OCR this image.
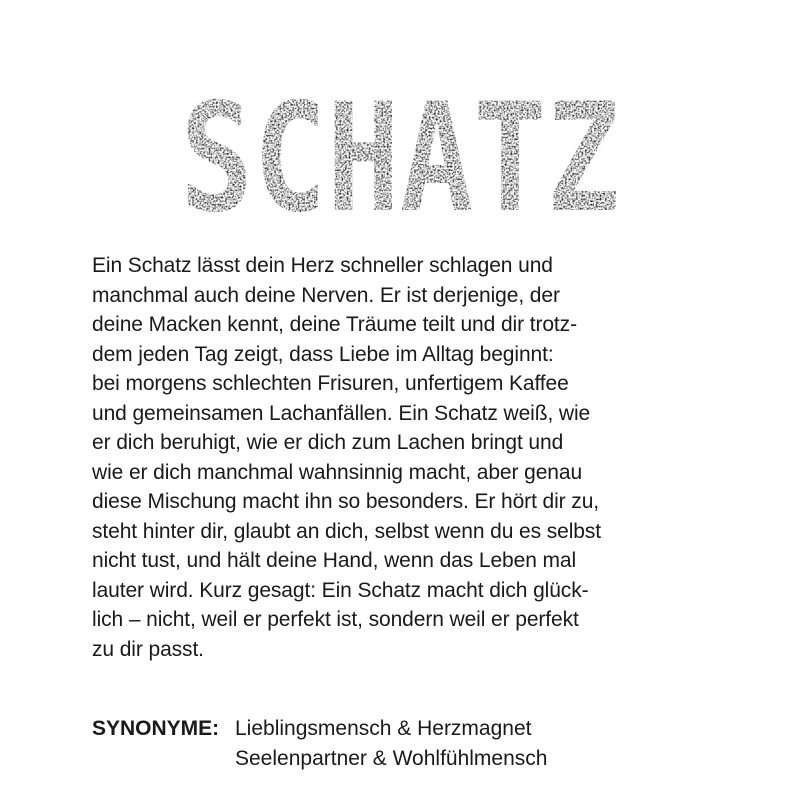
SCHATZ
Ein Schatz lässt dein Herz schneller schlagen und
manchmal auch deine Nerven. Er ist derjenige, der
deine Macken kennt, deine Träume teilt und dir trotz-
dem jeden Tag zeigt, dass Liebe im Alltag beginnt:
bei morgens schlechten Frisuren, unfertigem Kaffee
und gemeinsamen Lachanfällen. Ein Schatz weiß, wie
er dich beruhigt, wie er dich zum Lachen bringt und
wie er dich manchmal wahnsinnig macht, aber genau
diese Mischung macht ihn so besonders. Er hört dir zu,
steht hinter dir, glaubt an dich, selbst wenn du es selbst
nicht tust, und hält deine Hand, wenn das Leben mal
lauter wird. Kurz gesagt: Ein Schatz macht dich glück-
lich – nicht, weil er perfekt ist, sondern weil er perfekt
zu dir passt.
SYNONYME: Lieblingsmensch & Herzmagnet
Seelenpartner & Wohlfühlmensch
